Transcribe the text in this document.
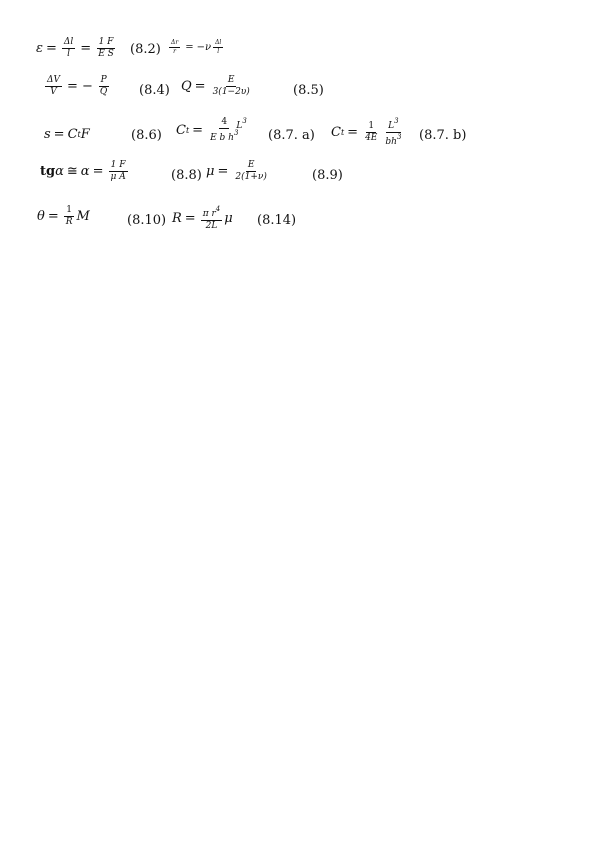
$\varepsilon = \frac{\Delta l}{l} = \frac{1 F}{\text{E S}} (8.2) \frac{\Delta r}{r} = -\nu \frac{\Delta l}{l}$
$\frac{\Delta V}{V}$ = − $\frac{P}{Q} (8.4) Q = \frac{E}{3(1-2\upsilon)}$	(8.5)
s = C t F	(8.6) C $t = \frac{4}{E b h^3}$
$L^3$
(8.7. a) C $t = \frac{1}{4E} \frac{L^3}{bh^3} (8.7$. b)
tg α ≅ $\alpha = \frac{1 F}{\text{μ A}}$	(8.8) $\mu = \frac{E}{2(1+\nu)}$	(8.9)
$\theta = \frac{1}{R}$ M	(8.10) $R = \frac{\pi r^4}{2L}$ μ (8.14)
